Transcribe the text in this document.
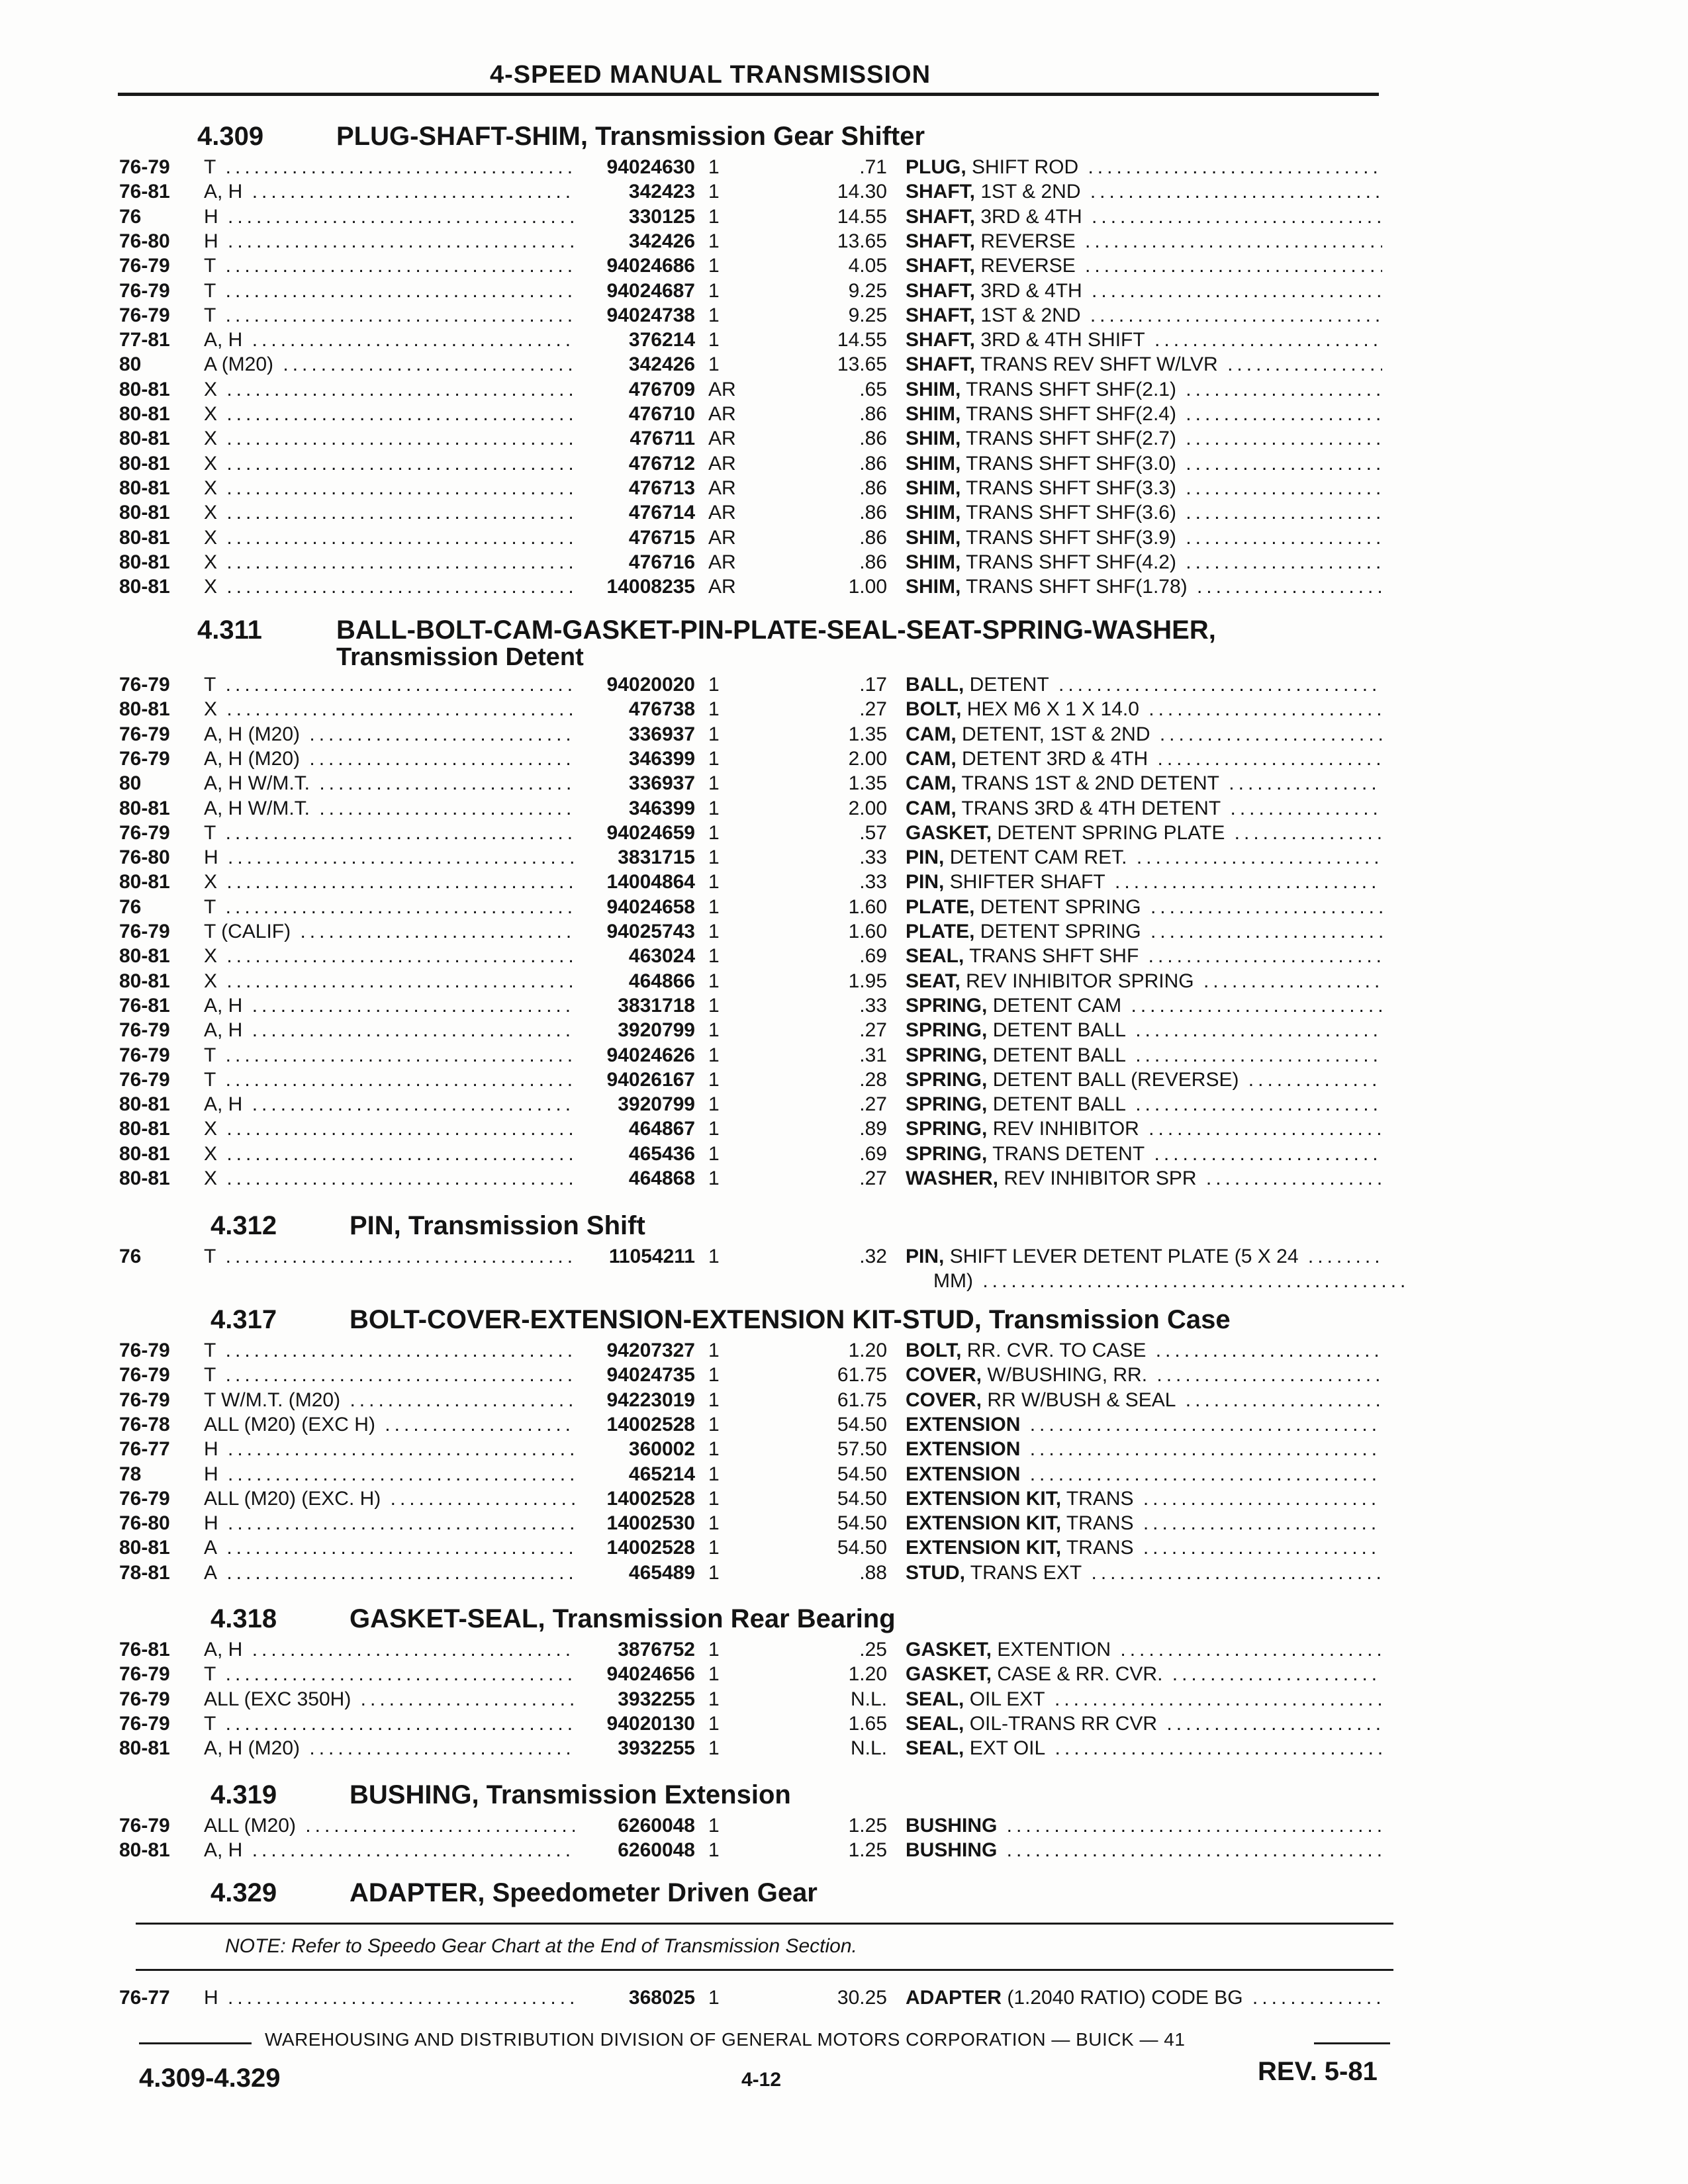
4-SPEED MANUAL TRANSMISSION
4.309	PLUG-SHAFT-SHIM, Transmission Gear Shifter
76-79 T .....	94024630 1	.71 PLUG, SHIFT ROD .....
76-81 A, H .....	342423 1	14.30 SHAFT, 1ST & 2ND .....
76	H .....	330125 1	14.55 SHAFT, 3RD & 4TH .....
76-80 H .....	342426 1	13.65 SHAFT, REVERSE .....
76-79 T .....	94024686 1	4.05 SHAFT, REVERSE .....
76-79 T .....	94024687 1	9.25 SHAFT, 3RD & 4TH .....
76-79 T .....	94024738 1	9.25 SHAFT, 1ST & 2ND .....
77-81 A, H .....	376214 1	14.55 SHAFT, 3RD & 4TH SHIFT .....
80	A (M20) .....	342426 1	13.65 SHAFT, TRANS REV SHFT W/LVR .....
80-81 X .....	476709 AR	.65 SHIM, TRANS SHFT SHF(2.1) .....
80-81 X .....	476710 AR	.86 SHIM, TRANS SHFT SHF(2.4) .....
80-81 X .....	476711 AR	.86 SHIM, TRANS SHFT SHF(2.7) .....
80-81 X .....	476712 AR	.86 SHIM, TRANS SHFT SHF(3.0) .....
80-81 X .....	476713 AR	.86 SHIM, TRANS SHFT SHF(3.3) .....
80-81 X .....	476714 AR	.86 SHIM, TRANS SHFT SHF(3.6) .....
80-81 X .....	476715 AR	.86 SHIM, TRANS SHFT SHF(3.9) .....
80-81 X .....	476716 AR	.86 SHIM, TRANS SHFT SHF(4.2) .....
80-81 X .....	14008235 AR	1.00 SHIM, TRANS SHFT SHF(1.78) .....
4.311	BALL-BOLT-CAM-GASKET-PIN-PLATE-SEAL-SEAT-SPRING-WASHER,
Transmission Detent
76-79 T .....	94020020 1	.17 BALL, DETENT .....
80-81 X .....	476738 1	.27 BOLT, HEX M6 X 1 X 14.0 .....
76-79 A, H (M20) .....	336937 1	1.35 CAM, DETENT, 1ST & 2ND .....
76-79 A, H (M20) .....	346399 1	2.00 CAM, DETENT 3RD & 4TH .....
80	A, H W/M.T. .....	336937 1	1.35 CAM, TRANS 1ST & 2ND DETENT .....
80-81 A, H W/M.T. .....	346399 1	2.00 CAM, TRANS 3RD & 4TH DETENT .....
76-79 T .....	94024659 1	.57 GASKET, DETENT SPRING PLATE .....
76-80 H .....	3831715 1	.33 PIN, DETENT CAM RET. .....
80-81 X .....	14004864 1	.33 PIN, SHIFTER SHAFT .....
76	T .....	94024658 1	1.60 PLATE, DETENT SPRING .....
76-79 T (CALIF) .....	94025743 1	1.60 PLATE, DETENT SPRING .....
80-81 X .....	463024 1	.69 SEAL, TRANS SHFT SHF .....
80-81 X .....	464866 1	1.95 SEAT, REV INHIBITOR SPRING .....
76-81 A, H .....	3831718 1	.33 SPRING, DETENT CAM .....
76-79 A, H .....	3920799 1	.27 SPRING, DETENT BALL .....
76-79 T .....	94024626 1	.31 SPRING, DETENT BALL .....
76-79 T .....	94026167 1	.28 SPRING, DETENT BALL (REVERSE) .....
80-81 A, H .....	3920799 1	.27 SPRING, DETENT BALL .....
80-81 X .....	464867 1	.89 SPRING, REV INHIBITOR .....
80-81 X .....	465436 1	.69 SPRING, TRANS DETENT .....
80-81 X .....	464868 1	.27 WASHER, REV INHIBITOR SPR .....
4.312	PIN, Transmission Shift
76	T .....	11054211 1	.32 PIN, SHIFT LEVER DETENT PLATE (5 X 24 .....
MM) .....
4.317	BOLT-COVER-EXTENSION-EXTENSION KIT-STUD, Transmission Case
76-79 T .....	94207327 1	1.20 BOLT, RR. CVR. TO CASE .....
76-79 T .....	94024735 1	61.75 COVER, W/BUSHING, RR. .....
76-79 T W/M.T. (M20) .....	94223019 1	61.75 COVER, RR W/BUSH & SEAL .....
76-78 ALL (M20) (EXC H) .....	14002528 1	54.50 EXTENSION .....
76-77 H .....	360002 1	57.50 EXTENSION .....
78	H .....	465214 1	54.50 EXTENSION .....
76-79 ALL (M20) (EXC. H) .....	14002528 1	54.50 EXTENSION KIT, TRANS .....
76-80 H .....	14002530 1	54.50 EXTENSION KIT, TRANS .....
80-81 A .....	14002528 1	54.50 EXTENSION KIT, TRANS .....
78-81 A .....	465489 1	.88 STUD, TRANS EXT .....
4.318	GASKET-SEAL, Transmission Rear Bearing
76-81 A, H .....	3876752 1	.25 GASKET, EXTENTION .....
76-79 T .....	94024656 1	1.20 GASKET, CASE & RR. CVR. .....
76-79 ALL (EXC 350H) .....	3932255 1	N.L. SEAL, OIL EXT .....
76-79 T .....	94020130 1	1.65 SEAL, OIL-TRANS RR CVR .....
80-81 A, H (M20) .....	3932255 1	N.L. SEAL, EXT OIL .....
4.319	BUSHING, Transmission Extension
76-79 ALL (M20) .....	6260048 1	1.25 BUSHING .....
80-81 A, H .....	6260048 1	1.25 BUSHING .....
4.329	ADAPTER, Speedometer Driven Gear
76-77 H .....	368025 1	30.25 ADAPTER (1.2040 RATIO) CODE BG .....
NOTE: Refer to Speedo Gear Chart at the End of Transmission Section.
WAREHOUSING AND DISTRIBUTION DIVISION OF GENERAL MOTORS CORPORATION — BUICK — 41
4.309-4.329	4-12	REV. 5-81
